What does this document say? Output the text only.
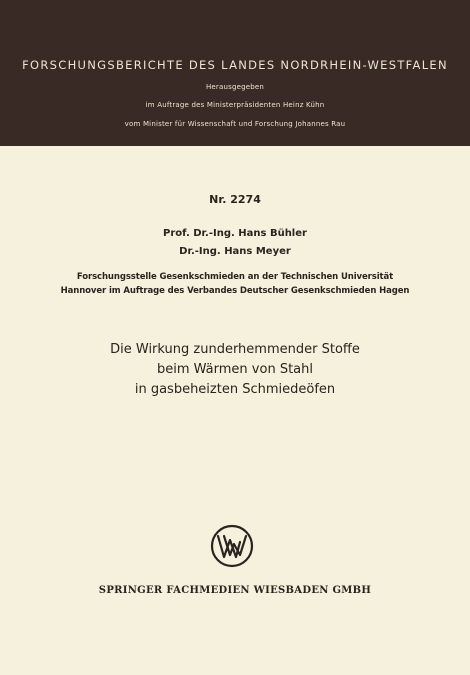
FORSCHUNGSBERICHTE DES LANDES NORDRHEIN-WESTFALEN
Herausgegeben
im Auftrage des Ministerpräsidenten Heinz Kühn
vom Minister für Wissenschaft und Forschung Johannes Rau
Nr. 2274
Prof. Dr.-Ing. Hans Bühler
Dr.-Ing. Hans Meyer
Forschungsstelle Gesenkschmieden an der Technischen Universität
Hannover im Auftrage des Verbandes Deutscher Gesenkschmieden Hagen
Die Wirkung zunderhemmender Stoffe
beim Wärmen von Stahl
in gasbeheizten Schmiedeöfen
SPRINGER FACHMEDIEN WIESBADEN GMBH
